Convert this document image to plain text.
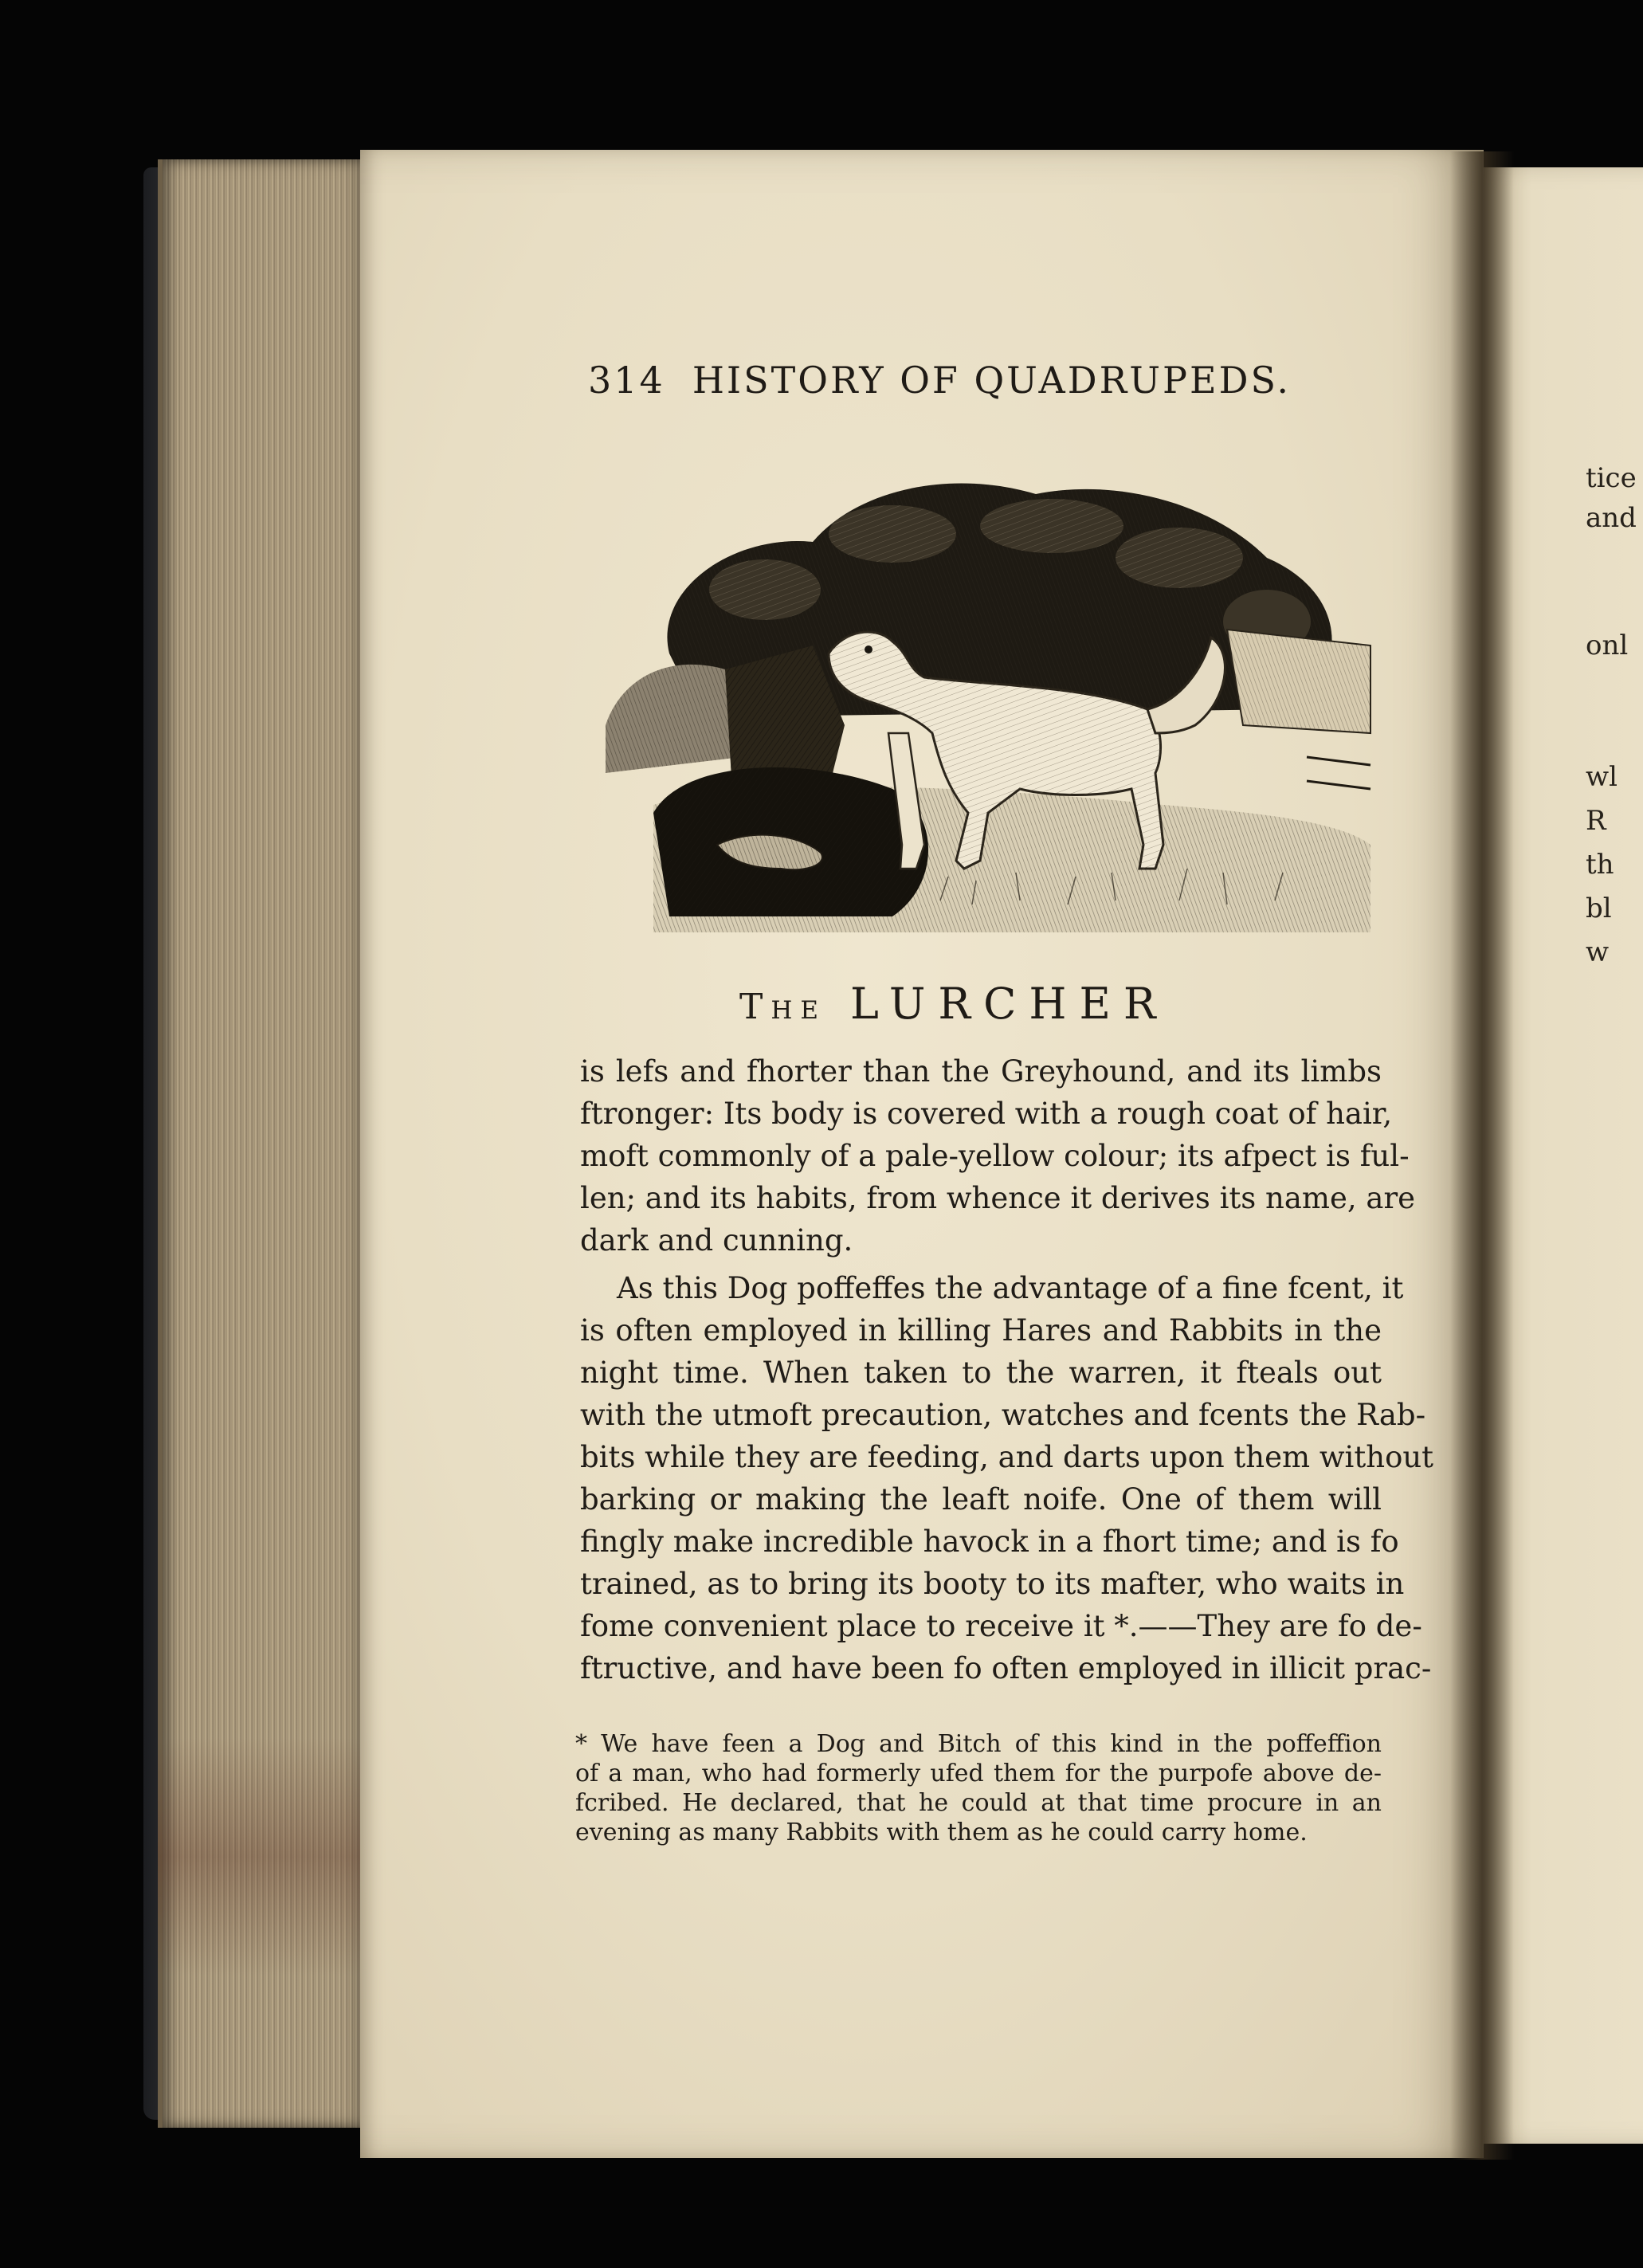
314 HISTORY OF QUADRUPEDS.
The LURCHER
is lefs and fhorter than the Greyhound, and its limbs
ftronger: Its body is covered with a rough coat of hair,
moft commonly of a pale-yellow colour; its afpect is ful-
len; and its habits, from whence it derives its name, are
dark and cunning.
As this Dog poffeffes the advantage of a fine fcent, it
is often employed in killing Hares and Rabbits in the
night time. When taken to the warren, it fteals out
with the utmoft precaution, watches and fcents the Rab-
bits while they are feeding, and darts upon them without
barking or making the leaft noife. One of them will
fingly make incredible havock in a fhort time; and is fo
trained, as to bring its booty to its mafter, who waits in
fome convenient place to receive it *.——They are fo de-
ftructive, and have been fo often employed in illicit prac-
* We have feen a Dog and Bitch of this kind in the poffeffion
of a man, who had formerly ufed them for the purpofe above de-
fcribed. He declared, that he could at that time procure in an
evening as many Rabbits with them as he could carry home.
tice
and
onl
wl
R
th
bl
w
